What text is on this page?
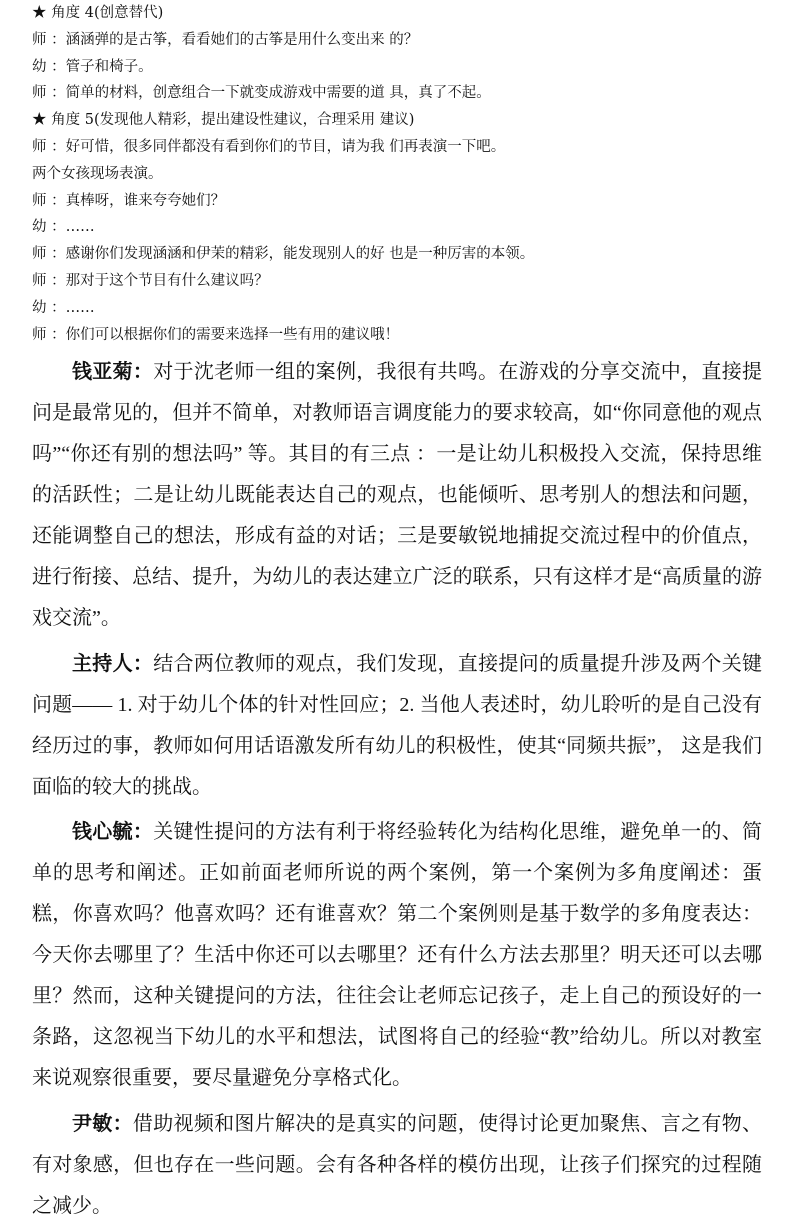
★ 角度 4(创意替代)
师 ：涵涵弹的是古筝，看看她们的古筝是用什么变出来 的？
幼 ：管子和椅子。
师 ：简单的材料，创意组合一下就变成游戏中需要的道 具，真了不起。
★ 角度 5(发现他人精彩，提出建设性建议，合理采用 建议)
师 ：好可惜，很多同伴都没有看到你们的节目，请为我 们再表演一下吧。
两个女孩现场表演。
师 ：真棒呀，谁来夸夸她们？
幼 ：……
师 ：感谢你们发现涵涵和伊茉的精彩，能发现别人的好 也是一种厉害的本领。
师 ：那对于这个节目有什么建议吗？
幼 ：……
师 ：你们可以根据你们的需要来选择一些有用的建议哦！

钱亚菊：对于沈老师一组的案例，我很有共鸣。在游戏的分享交流中，直接提问是最常见的，但并不简单，对教师语言调度能力的要求较高，如“你同意他的观点吗”“你还有别的想法吗” 等。其目的有三点 ：一是让幼儿积极投入交流，保持思维的活跃性；二是让幼儿既能表达自己的观点，也能倾听、思考别人的想法和问题，还能调整自己的想法，形成有益的对话；三是要敏锐地捕捉交流过程中的价值点，进行衔接、总结、提升，为幼儿的表达建立广泛的联系，只有这样才是“高质量的游戏交流”。

主持人：结合两位教师的观点，我们发现，直接提问的质量提升涉及两个关键 问题—— 1. 对于幼儿个体的针对性回应；2. 当他人表述时，幼儿聆听的是自己没有经历过的事，教师如何用话语激发所有幼儿的积极性，使其“同频共振”， 这是我们面临的较大的挑战。

钱心毓：关键性提问的方法有利于将经验转化为结构化思维，避免单一的、简单的思考和阐述。正如前面老师所说的两个案例，第一个案例为多角度阐述：蛋糕，你喜欢吗？他喜欢吗？还有谁喜欢？第二个案例则是基于数学的多角度表达：今天你去哪里了？生活中你还可以去哪里？还有什么方法去那里？明天还可以去哪里？然而，这种关键提问的方法，往往会让老师忘记孩子，走上自己的预设好的一条路，这忽视当下幼儿的水平和想法，试图将自己的经验“教”给幼儿。所以对教室来说观察很重要，要尽量避免分享格式化。

尹敏：借助视频和图片解决的是真实的问题，使得讨论更加聚焦、言之有物、有对象感，但也存在一些问题。会有各种各样的模仿出现，让孩子们探究的过程随之减少。
